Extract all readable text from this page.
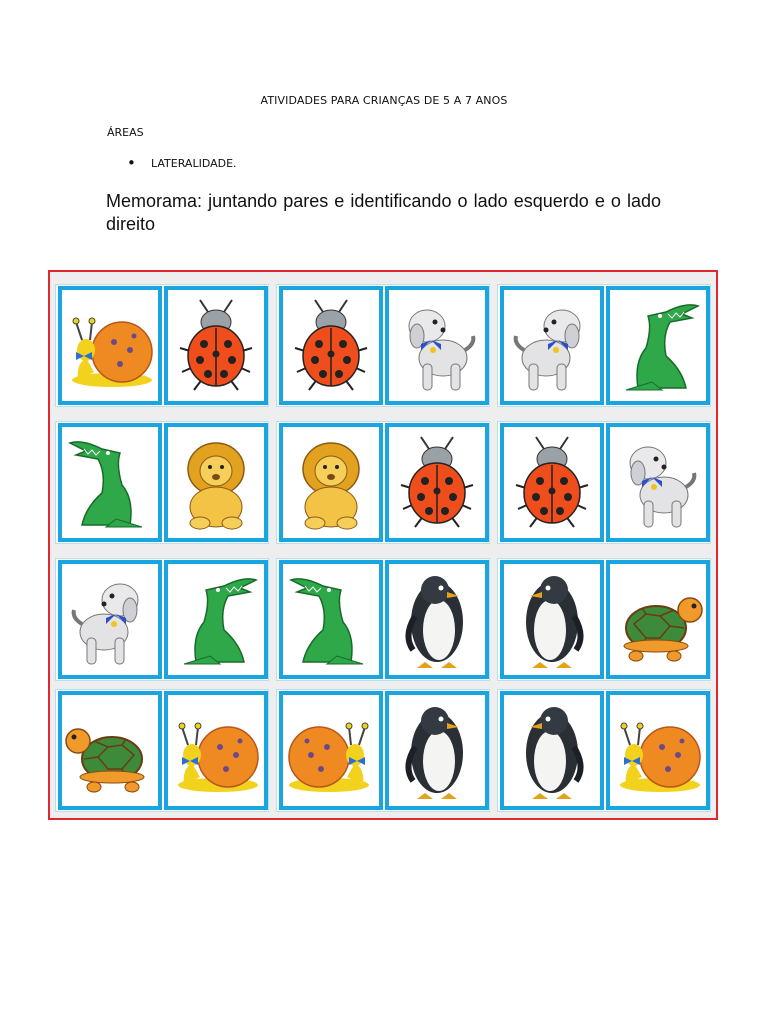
ATIVIDADES PARA CRIANÇAS DE 5 A 7 ANOS
ÁREAS
•	LATERALIDADE.
Memorama: juntando pares e identificando o lado esquerdo e o lado direito
